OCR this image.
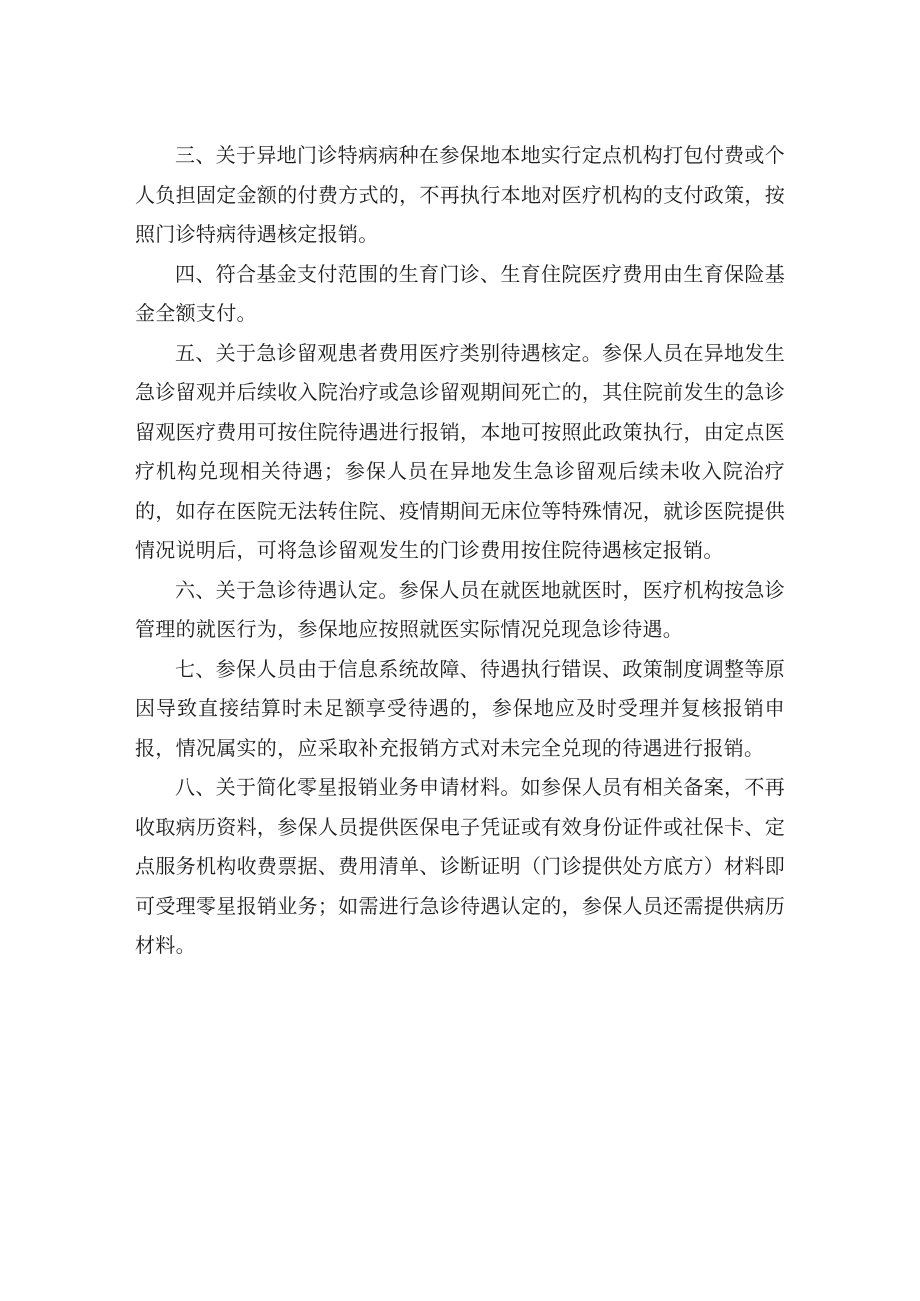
三、关于异地门诊特病病种在参保地本地实行定点机构打包付费或个人负担固定金额的付费方式的，不再执行本地对医疗机构的支付政策，按照门诊特病待遇核定报销。

四、符合基金支付范围的生育门诊、生育住院医疗费用由生育保险基金全额支付。

五、关于急诊留观患者费用医疗类别待遇核定。参保人员在异地发生急诊留观并后续收入院治疗或急诊留观期间死亡的，其住院前发生的急诊留观医疗费用可按住院待遇进行报销，本地可按照此政策执行，由定点医疗机构兑现相关待遇；参保人员在异地发生急诊留观后续未收入院治疗的，如存在医院无法转住院、疫情期间无床位等特殊情况，就诊医院提供情况说明后，可将急诊留观发生的门诊费用按住院待遇核定报销。

六、关于急诊待遇认定。参保人员在就医地就医时，医疗机构按急诊管理的就医行为，参保地应按照就医实际情况兑现急诊待遇。

七、参保人员由于信息系统故障、待遇执行错误、政策制度调整等原因导致直接结算时未足额享受待遇的，参保地应及时受理并复核报销申报，情况属实的，应采取补充报销方式对未完全兑现的待遇进行报销。

八、关于简化零星报销业务申请材料。如参保人员有相关备案，不再收取病历资料，参保人员提供医保电子凭证或有效身份证件或社保卡、定点服务机构收费票据、费用清单、诊断证明（门诊提供处方底方）材料即可受理零星报销业务；如需进行急诊待遇认定的，参保人员还需提供病历材料。
